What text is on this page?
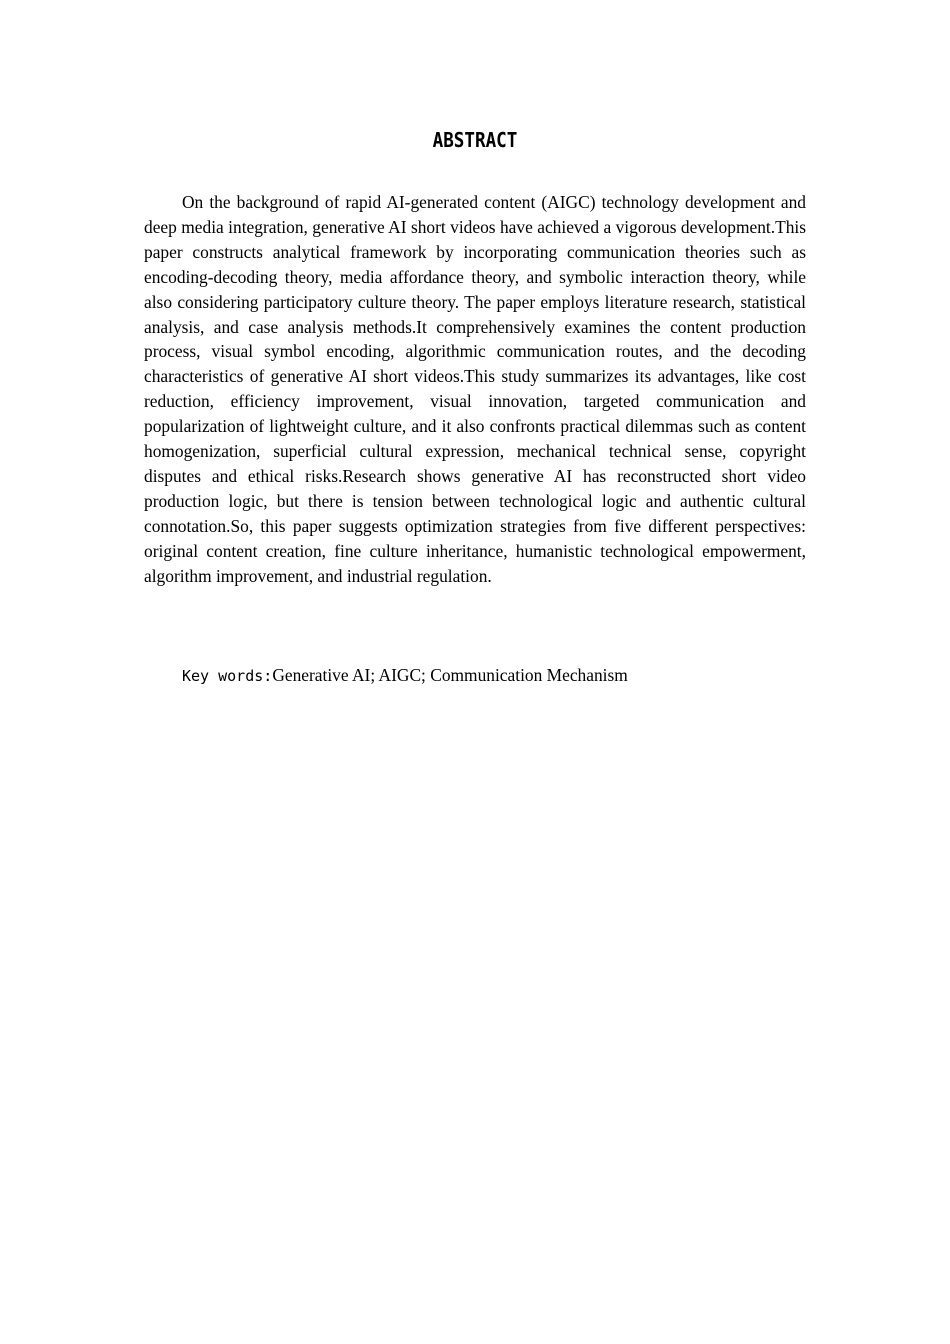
ABSTRACT

On the background of rapid AI-generated content (AIGC) technology development and deep media integration, generative AI short videos have achieved a vigorous development.This paper constructs analytical framework by incorporating communication theories such as encoding-decoding theory, media affordance theory, and symbolic interaction theory, while also considering participatory culture theory. The paper employs literature research, statistical analysis, and case analysis methods.It comprehensively examines the content production process, visual symbol encoding, algorithmic communication routes, and the decoding characteristics of generative AI short videos.This study summarizes its advantages, like cost reduction, efficiency improvement, visual innovation, targeted communication and popularization of lightweight culture, and it also confronts practical dilemmas such as content homogenization, superficial cultural expression, mechanical technical sense, copyright disputes and ethical risks.Research shows generative AI has reconstructed short video production logic, but there is tension between technological logic and authentic cultural connotation.So, this paper suggests optimization strategies from five different perspectives: original content creation, fine culture inheritance, humanistic technological empowerment, algorithm improvement, and industrial regulation.

Key words:Generative AI; AIGC; Communication Mechanism
